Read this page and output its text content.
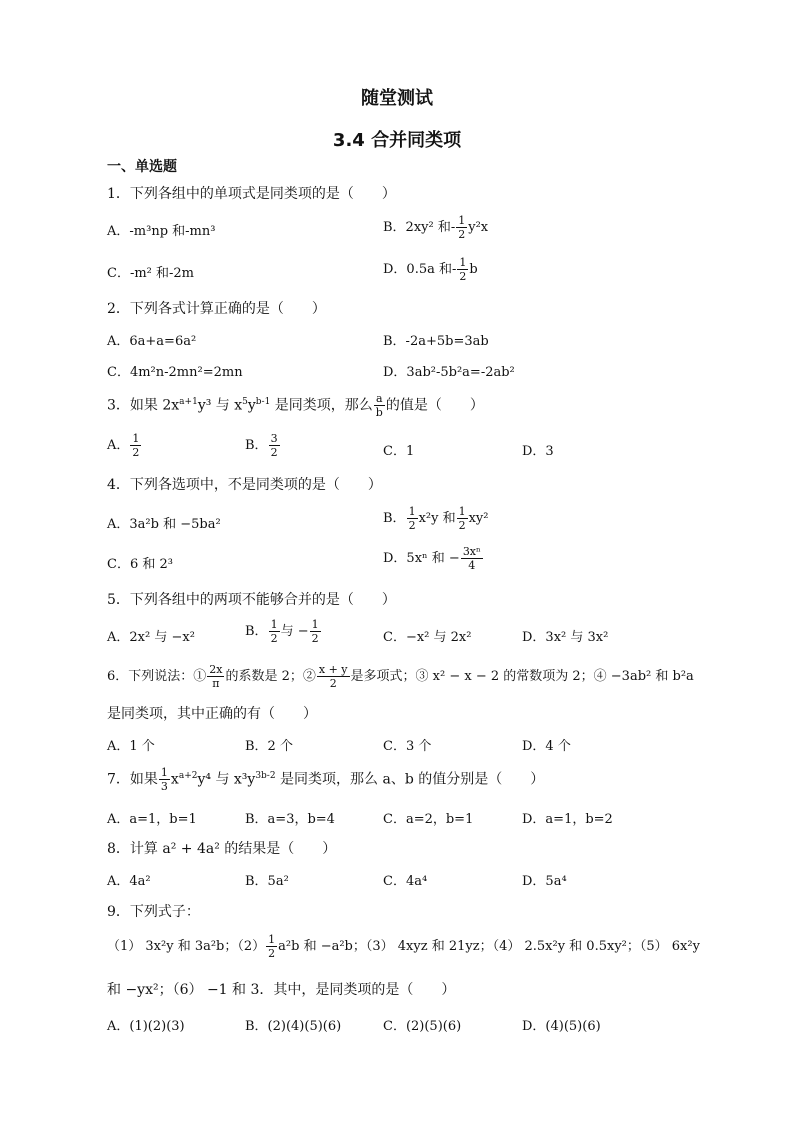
随堂测试
3.4 合并同类项
一、单选题
1．下列各组中的单项式是同类项的是（　　）
A．-m³np 和-mn³	B．2xy² 和- $\frac{1}{2} y^2x$
C．-m² 和-2m	D．0.5a 和- $\frac{1}{2}$ b
2．下列各式计算正确的是（　　）
A．6a+a=6a²	B．-2a+5b=3ab
C．4m²n-2mn²=2mn	D．3ab²-5b²a=-2ab²
3．如果 $2x^{a+1}y^3$ 与 $x^5y^{b-1}$ 是同类项，那么 $\frac{a}{b}$ 的值是（　　）
A． $\frac{1}{2}$	B． $\frac{3}{2}$	C．1	D．3
4．下列各选项中，不是同类项的是（　　）
A．3a²b 和 −5ba²	B． $\frac{1}{2} x^2y$ 和 $\frac{1}{2} xy^2$
C．6 和 2³	D．5xⁿ 和 − $\frac{\text{3xⁿ}}{4}$
5．下列各组中的两项不能够合并的是（　　）
A．2x² 与 −x²	B． $\frac{1}{2}$ 与 − $\frac{1}{2}$	C．−x² 与 2x²	D．3x² 与 3x²
6．下列说法：① $\frac{2x}{\pi}$ 的系数是 2；② $\frac{x + y}{2}$ 是多项式；③ x² − x − 2 的常数项为 2；④ −3ab² 和 b²a
是同类项，其中正确的有（　　）
A．1 个	B．2 个	C．3 个	D．4 个
7．如果 $\frac{1}{3} x^{a+2}y^4$ 与 $x^3y^{3b-2}$ 是同类项，那么 a、b 的值分别是（　　）
A．a=1，b=1	B．a=3，b=4	C．a=2，b=1	D．a=1，b=2
8．计算 a² + 4a² 的结果是（　　）
A．4a²	B．5a²	C．4a⁴	D．5a⁴
9．下列式子：
（1） 3x²y 和 3a²b；$(2) \frac{1}{2} a^2b$ 和 −a²b；（3） 4xyz 和 21yz；（4） 2.5x²y 和 0.5xy²；（5） 6x²y
和 −yx²；（6） −1 和 3．其中，是同类项的是（　　）
A．(1)(2)(3)	B．(2)(4)(5)(6)	C．(2)(5)(6)	D．(4)(5)(6)
